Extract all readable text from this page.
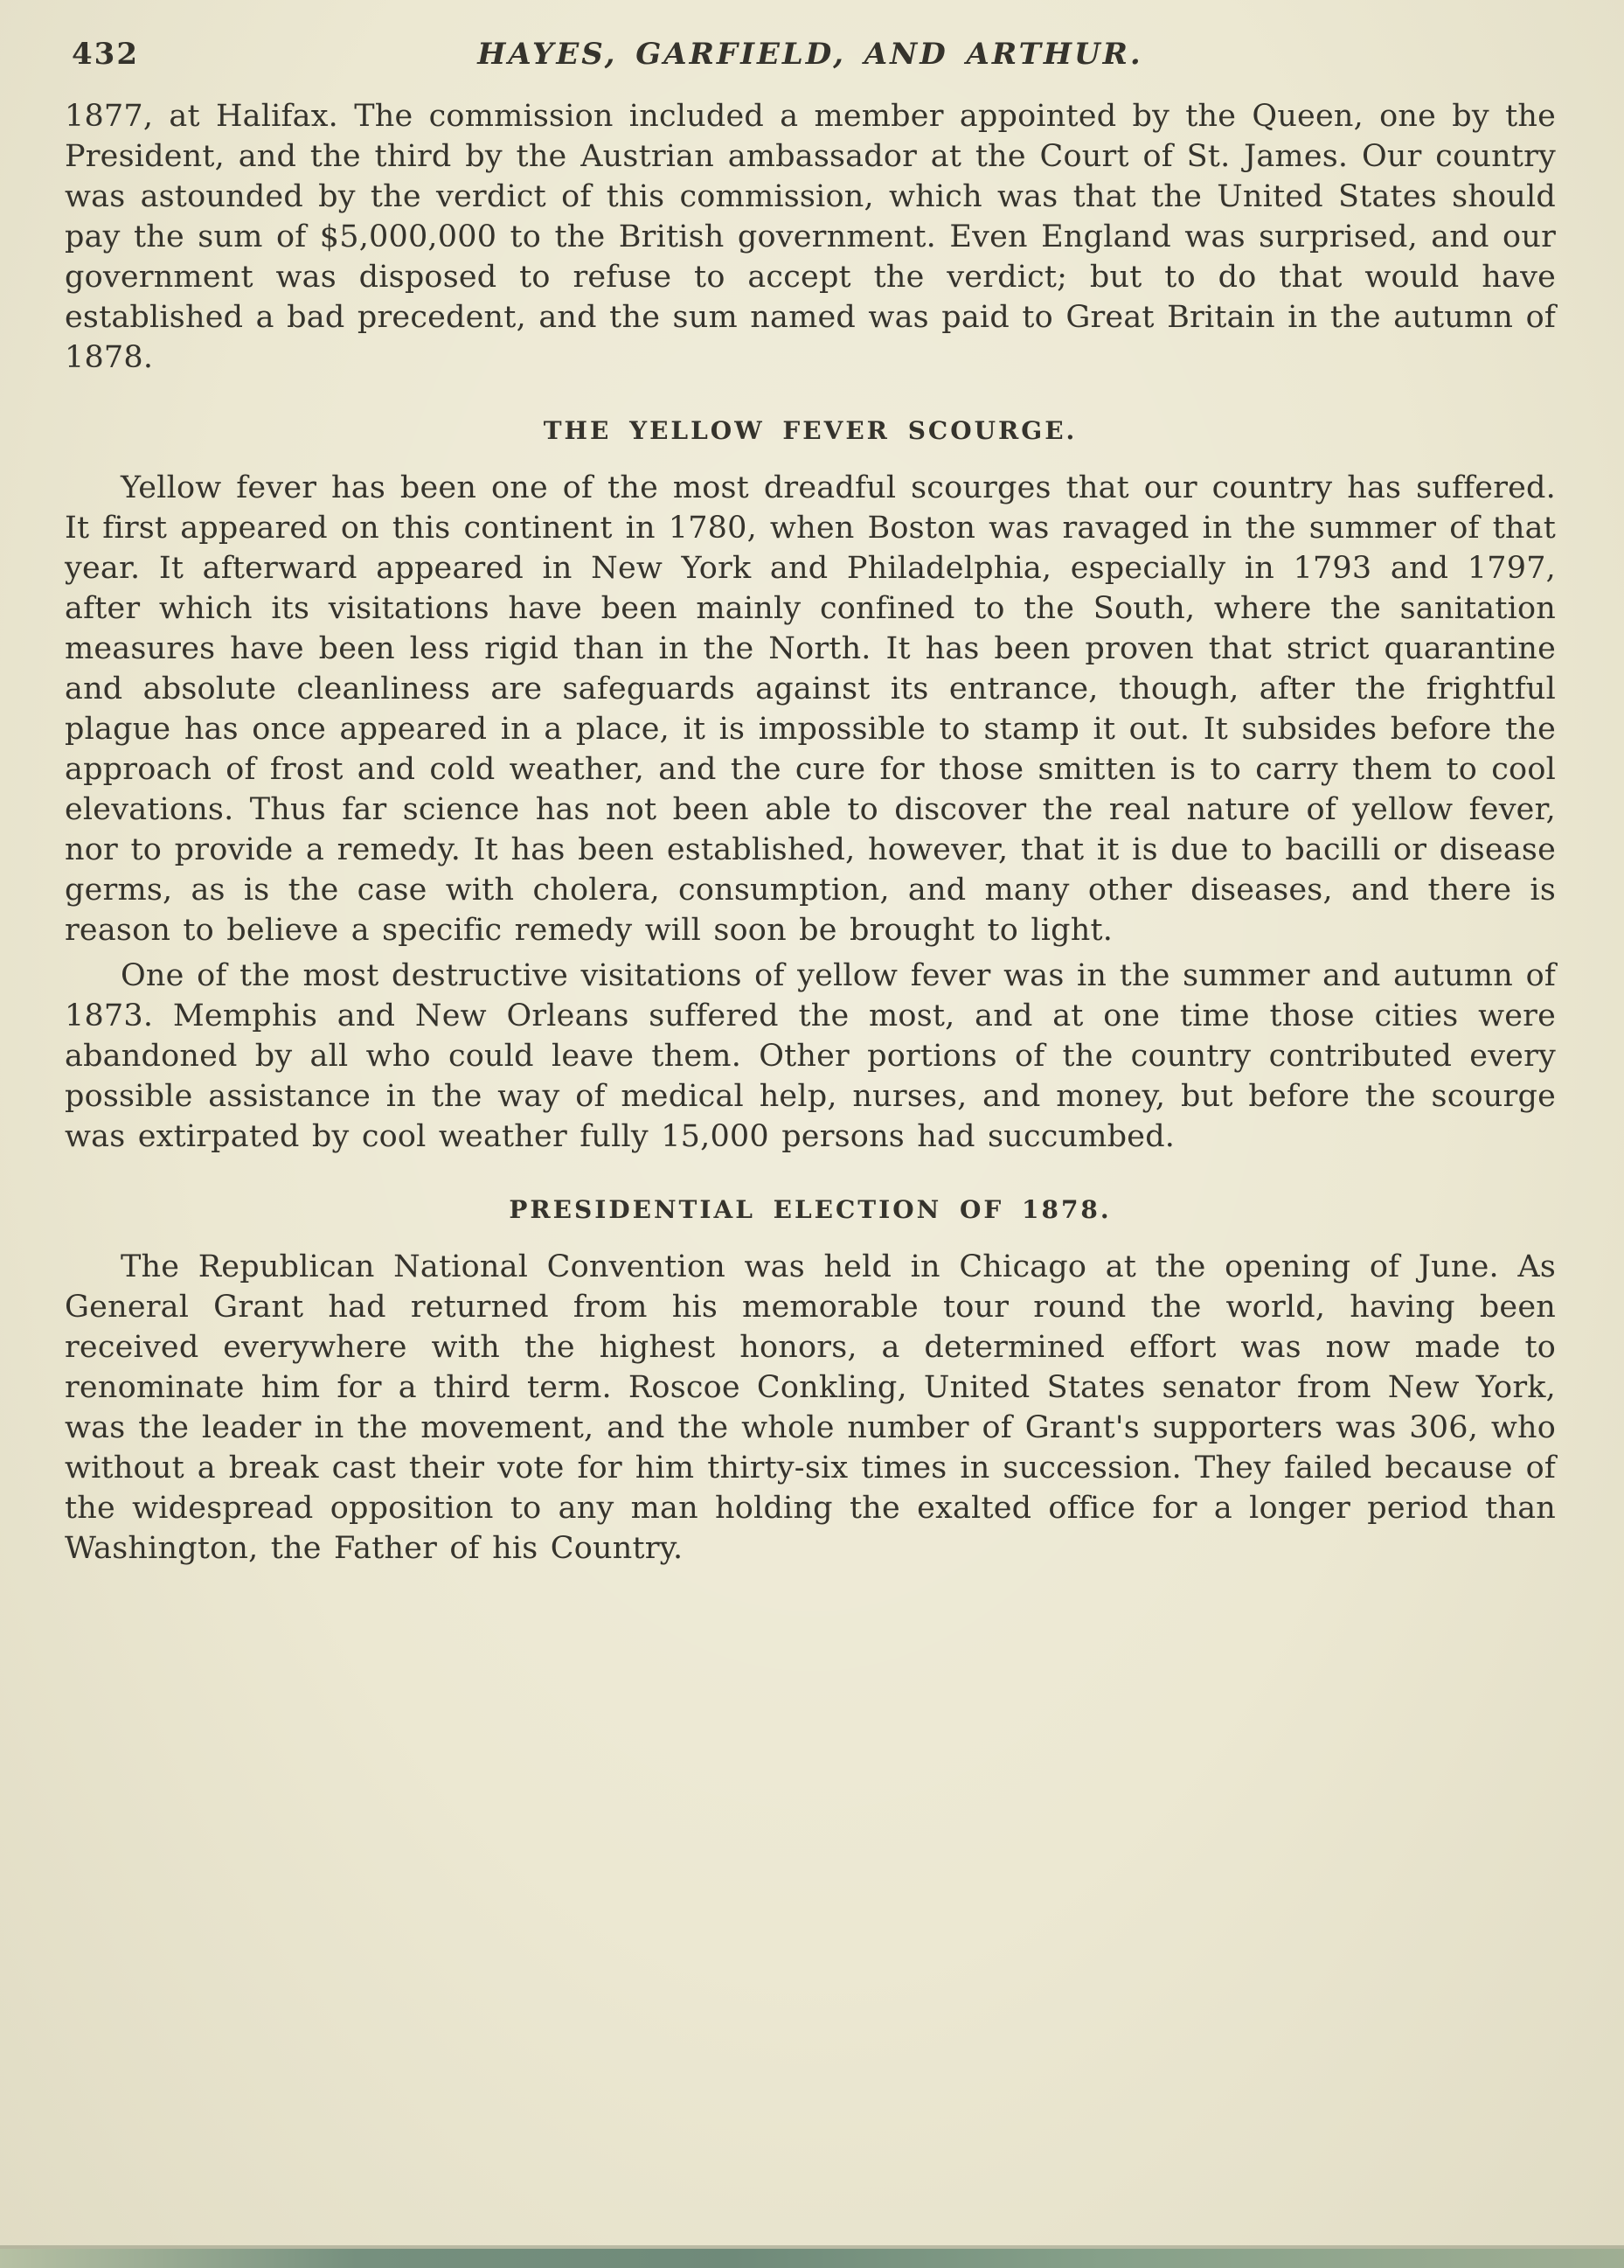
432	HAYES, GARFIELD, AND ARTHUR.

1877, at Halifax. The commission included a member appointed by the Queen, one by the President, and the third by the Austrian ambassador at the Court of St. James. Our country was astounded by the verdict of this commission, which was that the United States should pay the sum of $5,000,000 to the British government. Even England was surprised, and our government was disposed to refuse to accept the verdict; but to do that would have established a bad precedent, and the sum named was paid to Great Britain in the autumn of 1878.

THE YELLOW FEVER SCOURGE.

Yellow fever has been one of the most dreadful scourges that our country has suffered. It first appeared on this continent in 1780, when Boston was ravaged in the summer of that year. It afterward appeared in New York and Philadelphia, especially in 1793 and 1797, after which its visitations have been mainly confined to the South, where the sanitation measures have been less rigid than in the North. It has been proven that strict quarantine and absolute cleanliness are safeguards against its entrance, though, after the frightful plague has once appeared in a place, it is impossible to stamp it out. It subsides before the approach of frost and cold weather, and the cure for those smitten is to carry them to cool elevations. Thus far science has not been able to discover the real nature of yellow fever, nor to provide a remedy. It has been established, however, that it is due to bacilli or disease germs, as is the case with cholera, consumption, and many other diseases, and there is reason to believe a specific remedy will soon be brought to light.

One of the most destructive visitations of yellow fever was in the summer and autumn of 1873. Memphis and New Orleans suffered the most, and at one time those cities were abandoned by all who could leave them. Other portions of the country contributed every possible assistance in the way of medical help, nurses, and money, but before the scourge was extirpated by cool weather fully 15,000 persons had succumbed.

PRESIDENTIAL ELECTION OF 1878.

The Republican National Convention was held in Chicago at the opening of June. As General Grant had returned from his memorable tour round the world, having been received everywhere with the highest honors, a determined effort was now made to renominate him for a third term. Roscoe Conkling, United States senator from New York, was the leader in the movement, and the whole number of Grant's supporters was 306, who without a break cast their vote for him thirty-six times in succession. They failed because of the widespread opposition to any man holding the exalted office for a longer period than Washington, the Father of his Country.
